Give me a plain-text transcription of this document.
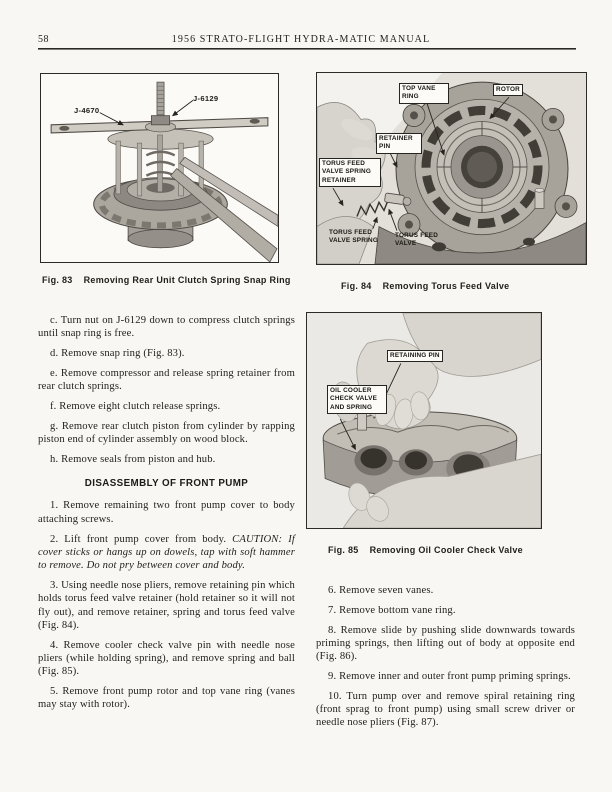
58	1956 STRATO-FLIGHT HYDRA-MATIC MANUAL
J-4670
J-6129
Fig. 83 Removing Rear Unit Clutch Spring Snap Ring
TOP VANE RING
ROTOR
RETAINER PIN
TORUS FEED VALVE SPRING RETAINER
TORUS FEED VALVE SPRING
TORUS FEED VALVE
Fig. 84 Removing Torus Feed Valve
RETAINING PIN
OIL COOLER CHECK VALVE AND SPRING
Fig. 85 Removing Oil Cooler Check Valve

c. Turn nut on J-6129 down to compress clutch springs until snap ring is free.

d. Remove snap ring (Fig. 83).

e. Remove compressor and release spring retainer from rear clutch springs.

f. Remove eight clutch release springs.

g. Remove rear clutch piston from cylinder by rapping piston end of cylinder assembly on wood block.

h. Remove seals from piston and hub.

DISASSEMBLY OF FRONT PUMP

1. Remove remaining two front pump cover to body attaching screws.

2. Lift front pump cover from body. CAUTION: If cover sticks or hangs up on dowels, tap with soft hammer to remove. Do not pry between cover and body.

3. Using needle nose pliers, remove retaining pin which holds torus feed valve retainer (hold retainer so it will not fly out), and remove retainer, spring and torus feed valve (Fig. 84).

4. Remove cooler check valve pin with needle nose pliers (while holding spring), and remove spring and ball (Fig. 85).

5. Remove front pump rotor and top vane ring (vanes may stay with rotor).

6. Remove seven vanes.

7. Remove bottom vane ring.

8. Remove slide by pushing slide downwards towards priming springs, then lifting out of body at opposite end (Fig. 86).

9. Remove inner and outer front pump priming springs.

10. Turn pump over and remove spiral retaining ring (front sprag to front pump) using small screw driver or needle nose pliers (Fig. 87).
